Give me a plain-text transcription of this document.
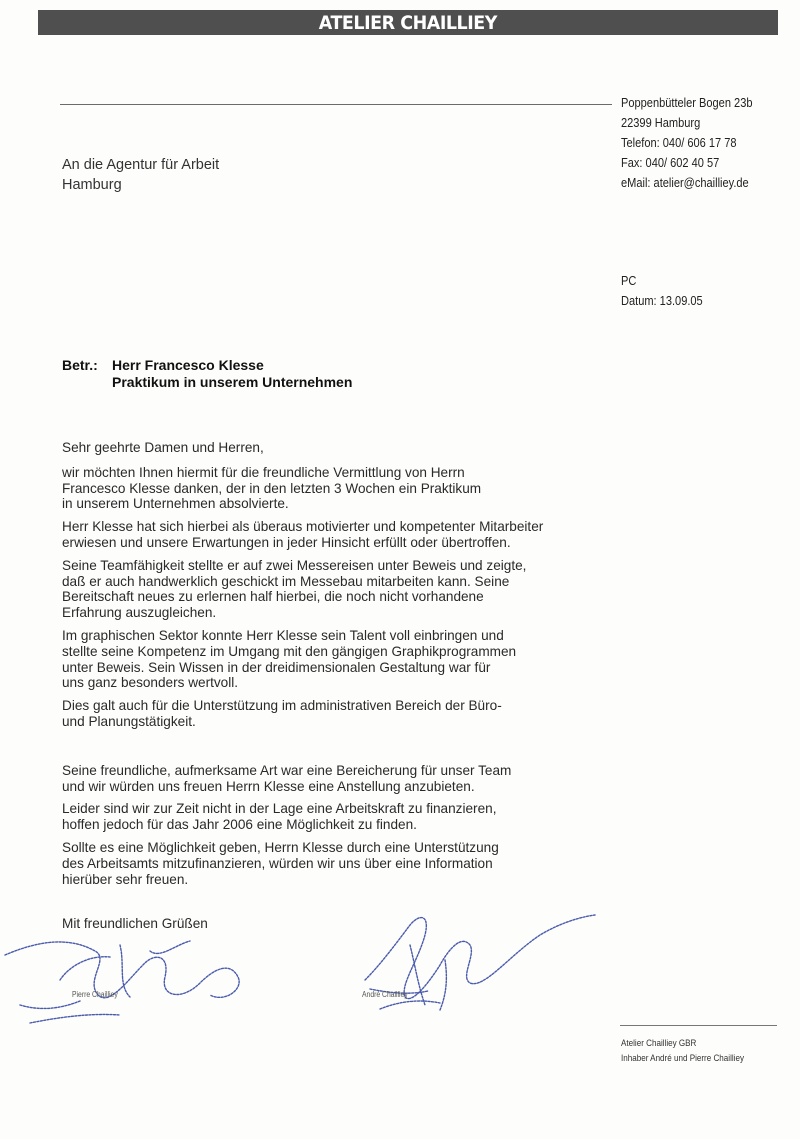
ATELIER CHAILLIEY
Poppenbütteler Bogen 23b
22399 Hamburg
Telefon: 040/ 606 17 78
Fax: 040/ 602 40 57
eMail: atelier@chailliey.de
An die Agentur für Arbeit
Hamburg
PC
Datum: 13.09.05
Betr.: Herr Francesco Klesse
Praktikum in unserem Unternehmen

Sehr geehrte Damen und Herren,

wir möchten Ihnen hiermit für die freundliche Vermittlung von Herrn
Francesco Klesse danken, der in den letzten 3 Wochen ein Praktikum
in unserem Unternehmen absolvierte.

Herr Klesse hat sich hierbei als überaus motivierter und kompetenter Mitarbeiter
erwiesen und unsere Erwartungen in jeder Hinsicht erfüllt oder übertroffen.

Seine Teamfähigkeit stellte er auf zwei Messereisen unter Beweis und zeigte,
daß er auch handwerklich geschickt im Messebau mitarbeiten kann. Seine
Bereitschaft neues zu erlernen half hierbei, die noch nicht vorhandene
Erfahrung auszugleichen.

Im graphischen Sektor konnte Herr Klesse sein Talent voll einbringen und
stellte seine Kompetenz im Umgang mit den gängigen Graphikprogrammen
unter Beweis. Sein Wissen in der dreidimensionalen Gestaltung war für
uns ganz besonders wertvoll.

Dies galt auch für die Unterstützung im administrativen Bereich der Büro-
und Planungstätigkeit.

Seine freundliche, aufmerksame Art war eine Bereicherung für unser Team
und wir würden uns freuen Herrn Klesse eine Anstellung anzubieten.

Leider sind wir zur Zeit nicht in der Lage eine Arbeitskraft zu finanzieren,
hoffen jedoch für das Jahr 2006 eine Möglichkeit zu finden.

Sollte es eine Möglichkeit geben, Herrn Klesse durch eine Unterstützung
des Arbeitsamts mitzufinanzieren, würden wir uns über eine Information
hierüber sehr freuen.

Mit freundlichen Grüßen
Pierre Chailliey	André Chailliey
Atelier Chailliey GBR
Inhaber André und Pierre Chailliey
